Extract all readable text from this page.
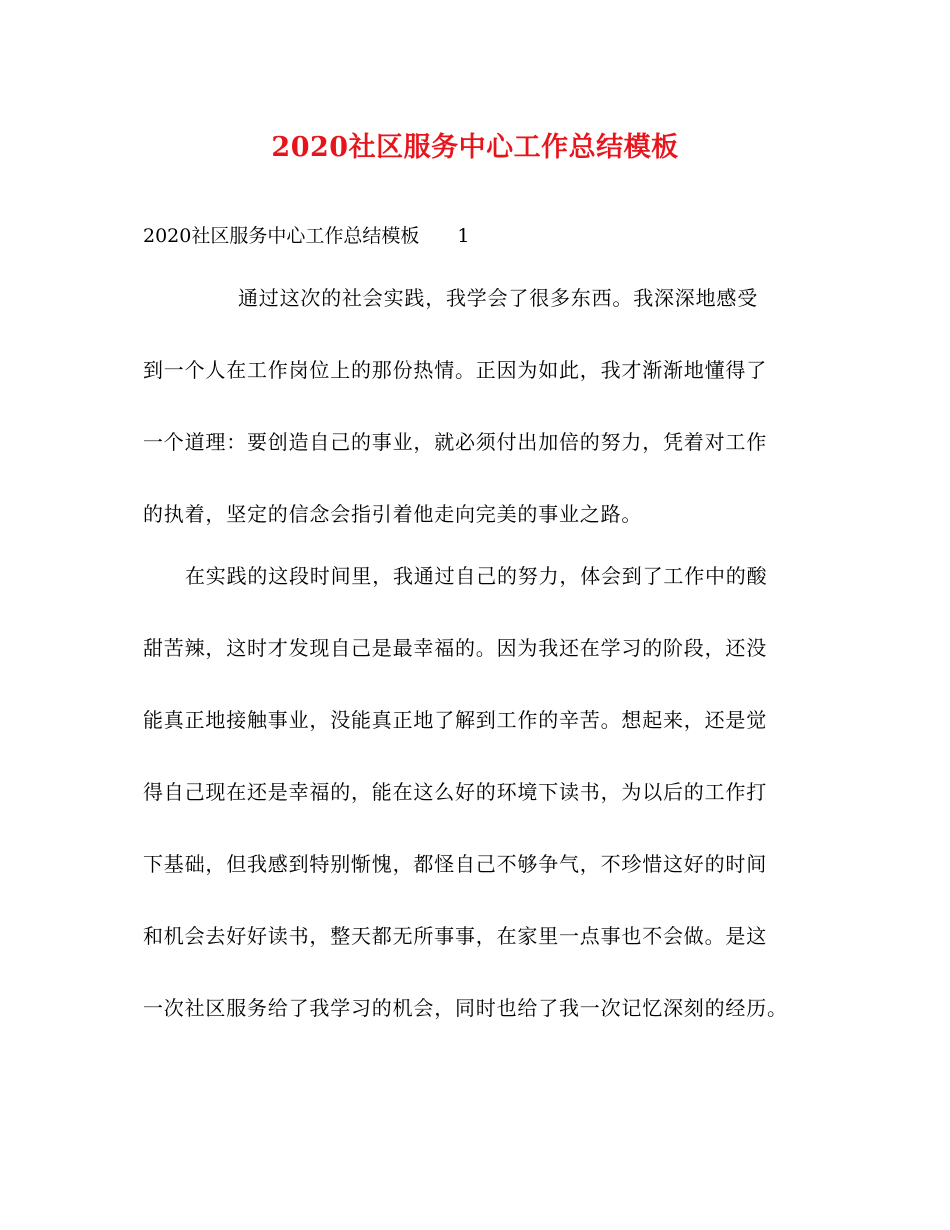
2020社区服务中心工作总结模板
2020社区服务中心工作总结模板 1
通过这次的社会实践，我学会了很多东西。我深深地感受
到一个人在工作岗位上的那份热情。正因为如此，我才渐渐地懂得了
一个道理：要创造自己的事业，就必须付出加倍的努力，凭着对工作
的执着，坚定的信念会指引着他走向完美的事业之路。
在实践的这段时间里，我通过自己的努力，体会到了工作中的酸
甜苦辣，这时才发现自己是最幸福的。因为我还在学习的阶段，还没
能真正地接触事业，没能真正地了解到工作的辛苦。想起来，还是觉
得自己现在还是幸福的，能在这么好的环境下读书，为以后的工作打
下基础，但我感到特别惭愧，都怪自己不够争气，不珍惜这好的时间
和机会去好好读书，整天都无所事事，在家里一点事也不会做。是这
一次社区服务给了我学习的机会，同时也给了我一次记忆深刻的经历。
